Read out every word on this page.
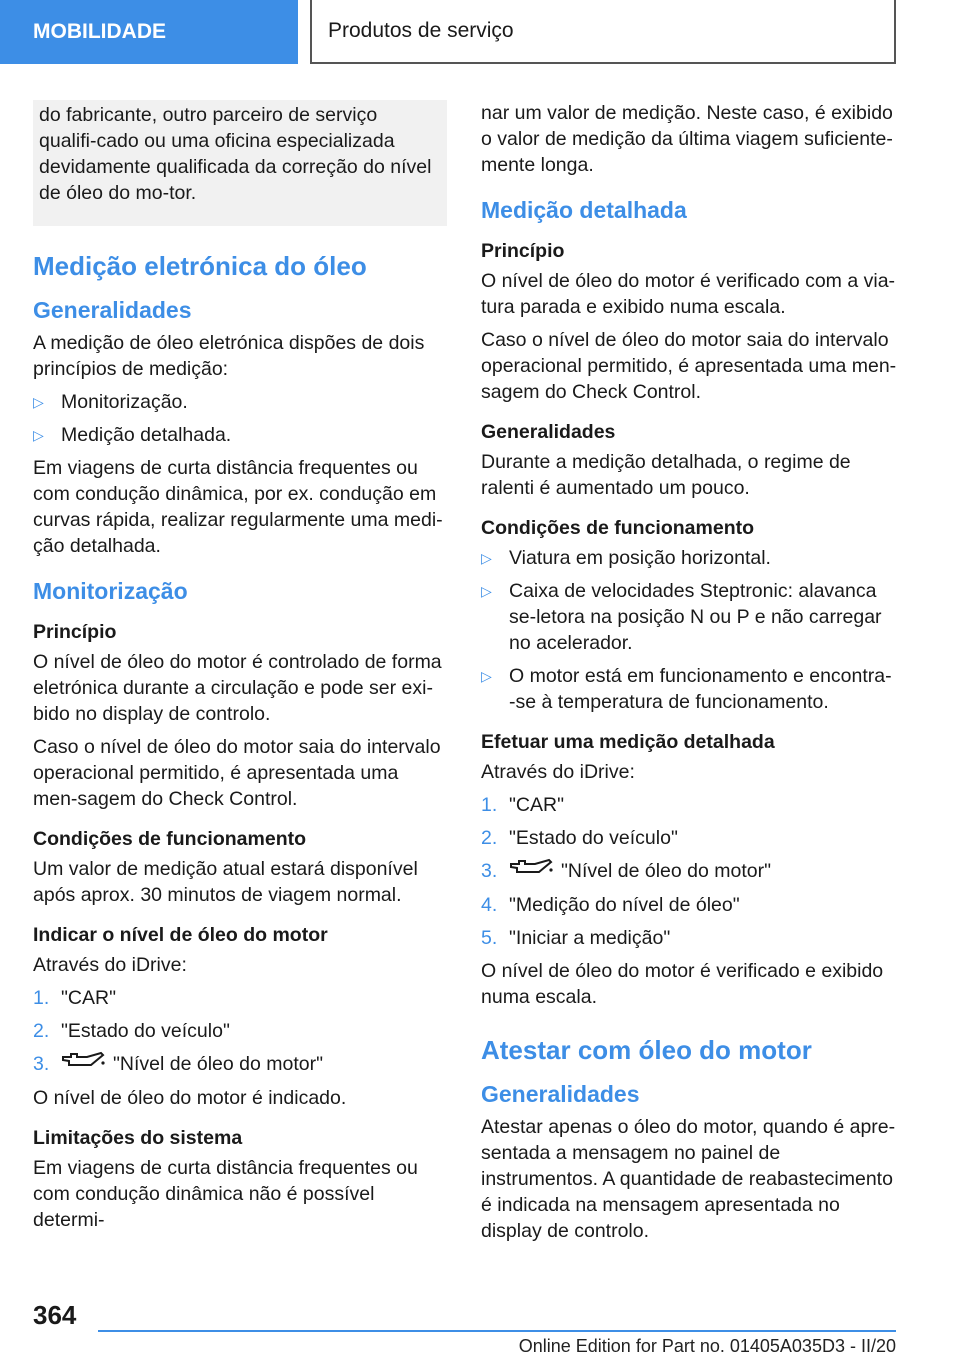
MOBILIDADE	Produtos de serviço
do fabricante, outro parceiro de serviço qualifi-cado ou uma oficina especializada devidamente qualificada da correção do nível de óleo do mo-tor.
Medição eletrónica do óleo
Generalidades

A medição de óleo eletrónica dispões de dois princípios de medição:

▷ Monitorização.
▷ Medição detalhada.

Em viagens de curta distância frequentes ou com condução dinâmica, por ex. condução em curvas rápida, realizar regularmente uma medi-ção detalhada.

Monitorização
Princípio

O nível de óleo do motor é controlado de forma eletrónica durante a circulação e pode ser exi-bido no display de controlo.

Caso o nível de óleo do motor saia do intervalo operacional permitido, é apresentada uma men-sagem do Check Control.

Condições de funcionamento

Um valor de medição atual estará disponível após aprox. 30 minutos de viagem normal.

Indicar o nível de óleo do motor

Através do iDrive:

1. "CAR"
2. "Estado do veículo"
3.	"Nível de óleo do motor"

O nível de óleo do motor é indicado.

Limitações do sistema

Em viagens de curta distância frequentes ou com condução dinâmica não é possível determi-

nar um valor de medição. Neste caso, é exibido o valor de medição da última viagem suficiente-mente longa.

Medição detalhada
Princípio

O nível de óleo do motor é verificado com a via-tura parada e exibido numa escala.

Caso o nível de óleo do motor saia do intervalo operacional permitido, é apresentada uma men-sagem do Check Control.

Generalidades

Durante a medição detalhada, o regime de ralenti é aumentado um pouco.

Condições de funcionamento
▷ Viatura em posição horizontal.
▷ Caixa de velocidades Steptronic: alavanca se-letora na posição N ou P e não carregar no acelerador.
▷ O motor está em funcionamento e encontra--se à temperatura de funcionamento.
Efetuar uma medição detalhada

Através do iDrive:

1. "CAR"
2. "Estado do veículo"
3.	"Nível de óleo do motor"
4. "Medição do nível de óleo"
5. "Iniciar a medição"

O nível de óleo do motor é verificado e exibido numa escala.

Atestar com óleo do motor
Generalidades

Atestar apenas o óleo do motor, quando é apre-sentada a mensagem no painel de instrumentos. A quantidade de reabastecimento é indicada na mensagem apresentada no display de controlo.

364
Online Edition for Part no. 01405A035D3 - II/20
